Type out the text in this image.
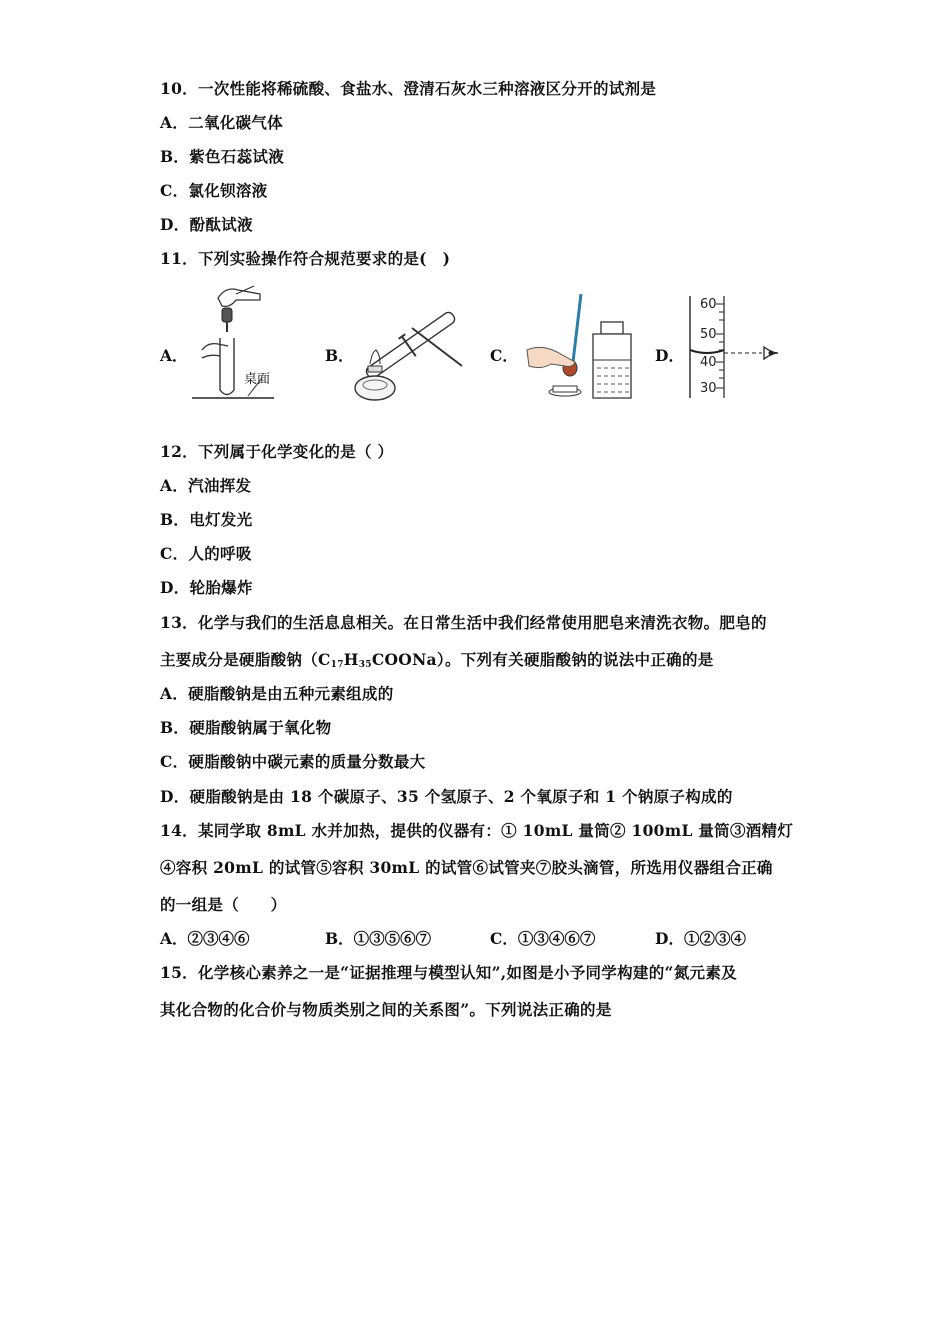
10．一次性能将稀硫酸、食盐水、澄清石灰水三种溶液区分开的试剂是
A．二氧化碳气体
B．紫色石蕊试液
C．氯化钡溶液
D．酚酞试液
11．下列实验操作符合规范要求的是(　)
A．
桌面
B．	C．	D．
60
50
40
30
12．下列属于化学变化的是（ ）
A．汽油挥发
B．电灯发光
C．人的呼吸
D．轮胎爆炸
13．化学与我们的生活息息相关。在日常生活中我们经常使用肥皂来清洗衣物。肥皂的
主要成分是硬脂酸钠$(C_{17}H_{35}COONa)$。下列有关硬脂酸钠的说法中正确的是
A．硬脂酸钠是由五种元素组成的
B．硬脂酸钠属于氧化物
C．硬脂酸钠中碳元素的质量分数最大
D．硬脂酸钠是由 18 个碳原子、35 个氢原子、2 个氧原子和 1 个钠原子构成的
14．某同学取 8mL 水并加热，提供的仪器有：① 10mL 量筒② 100mL 量筒③酒精灯
④容积 20mL 的试管⑤容积 30mL 的试管⑥试管夹⑦胶头滴管，所选用仪器组合正确
的一组是（　　）
A．②③④⑥	B．①③⑤⑥⑦	C．①③④⑥⑦	D．①②③④
15．化学核心素养之一是“证据推理与模型认知”,如图是小予同学构建的“氮元素及
其化合物的化合价与物质类别之间的关系图”。下列说法正确的是
